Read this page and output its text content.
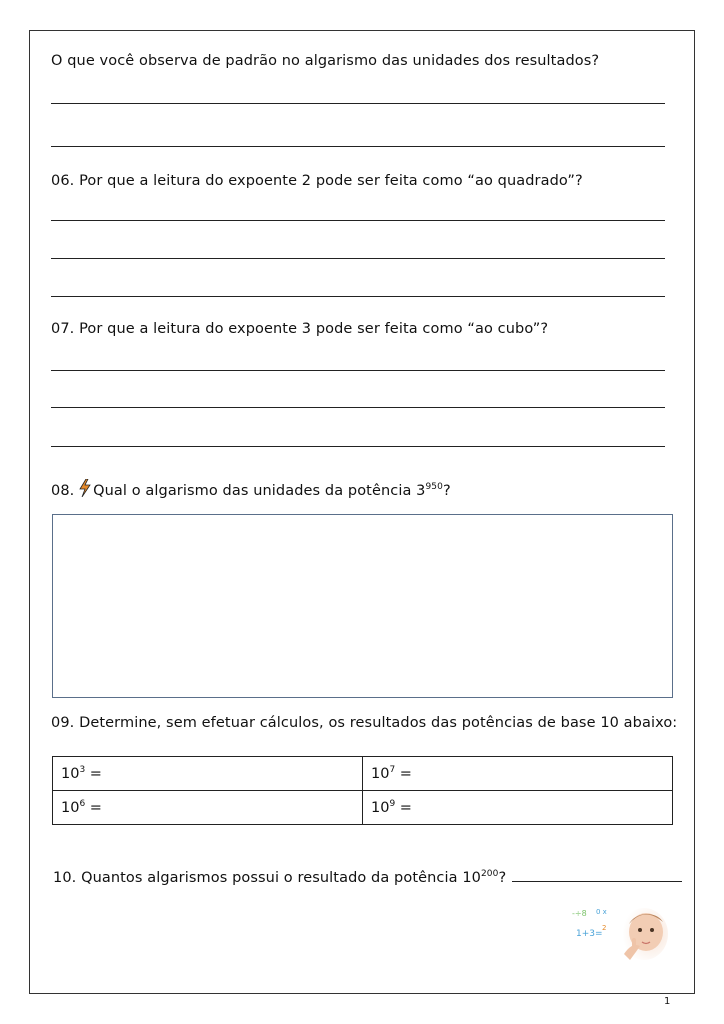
O que você observa de padrão no algarismo das unidades dos resultados?
06. Por que a leitura do expoente 2 pode ser feita como “ao quadrado”?
07. Por que a leitura do expoente 3 pode ser feita como “ao cubo”?
08. Qual o algarismo das unidades da potência $3^{950}$?
09. Determine, sem efetuar cálculos, os resultados das potências de base 10 abaixo:
$10^3$ =	$10^7$ =
$10^6$ =	$10^9$ =
10. Quantos algarismos possui o resultado da potência $10^{200}$?
-÷8 0 x
1+3=
2
1
